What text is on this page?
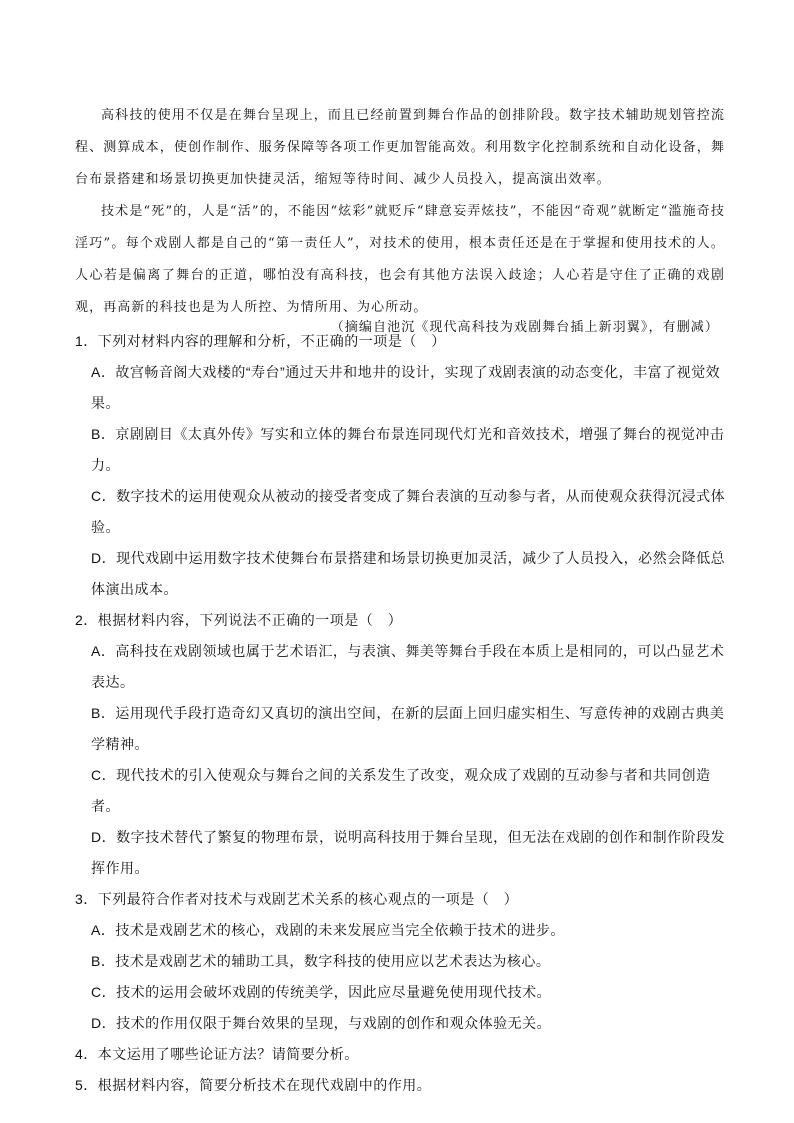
高科技的使用不仅是在舞台呈现上，而且已经前置到舞台作品的创排阶段。数字技术辅助规划管控流程、测算成本，使创作制作、服务保障等各项工作更加智能高效。利用数字化控制系统和自动化设备，舞台布景搭建和场景切换更加快捷灵活，缩短等待时间、减少人员投入，提高演出效率。

技术是“死”的，人是“活”的，不能因“炫彩”就贬斥“肆意妄弄炫技”，不能因“奇观”就断定“滥施奇技淫巧”。每个戏剧人都是自己的“第一责任人”，对技术的使用，根本责任还是在于掌握和使用技术的人。人心若是偏离了舞台的正道，哪怕没有高科技，也会有其他方法误入歧途；人心若是守住了正确的戏剧观，再高新的科技也是为人所控、为情所用、为心所动。

（摘编自池沉《现代高科技为戏剧舞台插上新羽翼》，有删减）

1．下列对材料内容的理解和分析，不正确的一项是（　）

A．故宫畅音阁大戏楼的“寿台”通过天井和地井的设计，实现了戏剧表演的动态变化，丰富了视觉效果。

B．京剧剧目《太真外传》写实和立体的舞台布景连同现代灯光和音效技术，增强了舞台的视觉冲击力。

C．数字技术的运用使观众从被动的接受者变成了舞台表演的互动参与者，从而使观众获得沉浸式体验。

D．现代戏剧中运用数字技术使舞台布景搭建和场景切换更加灵活，减少了人员投入，必然会降低总体演出成本。

2．根据材料内容，下列说法不正确的一项是（　）

A．高科技在戏剧领域也属于艺术语汇，与表演、舞美等舞台手段在本质上是相同的，可以凸显艺术表达。

B．运用现代手段打造奇幻又真切的演出空间，在新的层面上回归虚实相生、写意传神的戏剧古典美学精神。

C．现代技术的引入使观众与舞台之间的关系发生了改变，观众成了戏剧的互动参与者和共同创造者。

D．数字技术替代了繁复的物理布景，说明高科技用于舞台呈现，但无法在戏剧的创作和制作阶段发挥作用。

3．下列最符合作者对技术与戏剧艺术关系的核心观点的一项是（　）

A．技术是戏剧艺术的核心，戏剧的未来发展应当完全依赖于技术的进步。

B．技术是戏剧艺术的辅助工具，数字科技的使用应以艺术表达为核心。

C．技术的运用会破坏戏剧的传统美学，因此应尽量避免使用现代技术。

D．技术的作用仅限于舞台效果的呈现，与戏剧的创作和观众体验无关。

4．本文运用了哪些论证方法？请简要分析。

5．根据材料内容，简要分析技术在现代戏剧中的作用。
